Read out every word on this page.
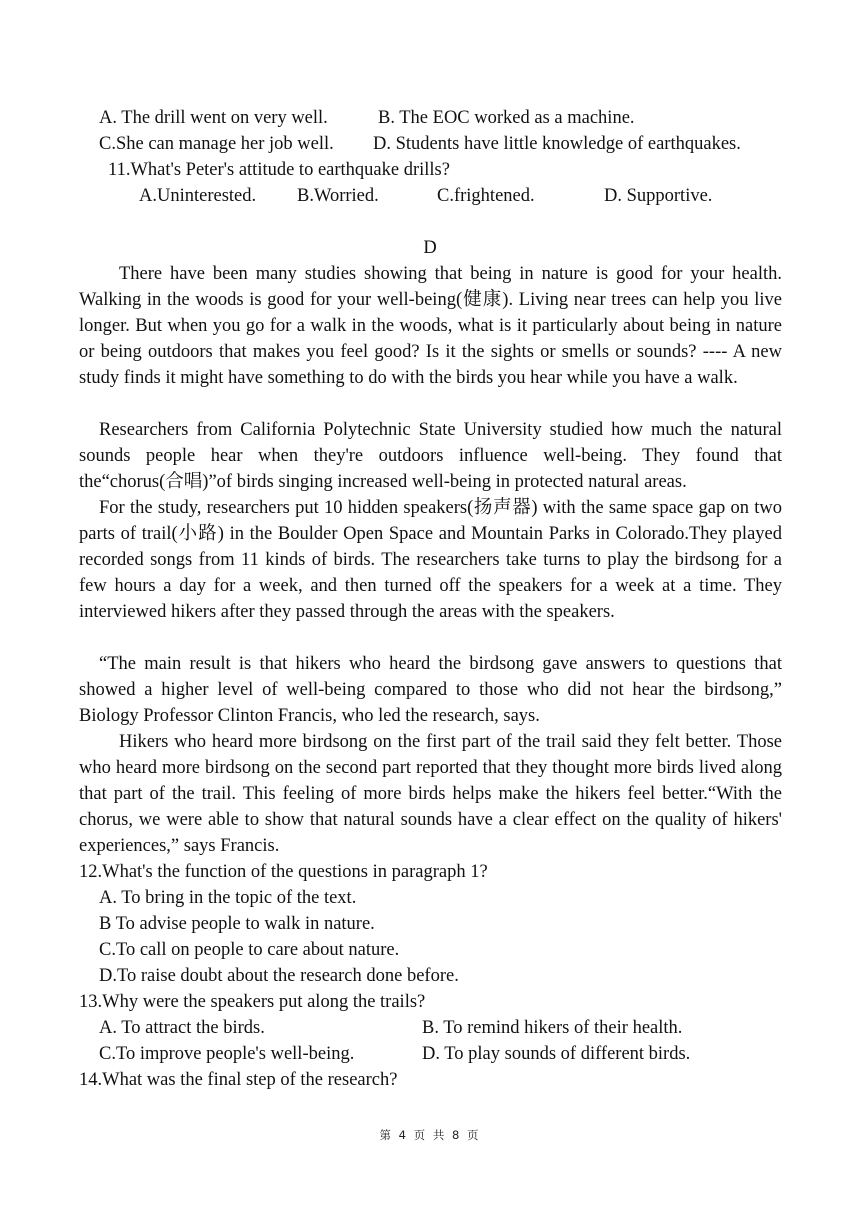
A. The drill went on very well.	B. The EOC worked as a machine.
C.She can manage her job well. D. Students have little knowledge of earthquakes.
11.What's Peter's attitude to earthquake drills?
A.Uninterested. B.Worried.	C.frightened.	D. Supportive.
D

There have been many studies showing that being in nature is good for your health. Walking in the woods is good for your well-being(健康). Living near trees can help you live longer. But when you go for a walk in the woods, what is it particularly about being in nature or being outdoors that makes you feel good? Is it the sights or smells or sounds? ---- A new study finds it might have something to do with the birds you hear while you have a walk.

Researchers from California Polytechnic State University studied how much the natural sounds people hear when they're outdoors influence well-being. They found that the“chorus(合唱)”of birds singing increased well-being in protected natural areas.

For the study, researchers put 10 hidden speakers(扬声器) with the same space gap on two parts of trail(小路) in the Boulder Open Space and Mountain Parks in Colorado.They played recorded songs from 11 kinds of birds. The researchers take turns to play the birdsong for a few hours a day for a week, and then turned off the speakers for a week at a time. They interviewed hikers after they passed through the areas with the speakers.

“The main result is that hikers who heard the birdsong gave answers to questions that showed a higher level of well-being compared to those who did not hear the birdsong,” Biology Professor Clinton Francis, who led the research, says.

Hikers who heard more birdsong on the first part of the trail said they felt better. Those who heard more birdsong on the second part reported that they thought more birds lived along that part of the trail. This feeling of more birds helps make the hikers feel better.“With the chorus, we were able to show that natural sounds have a clear effect on the quality of hikers' experiences,” says Francis.

12.What's the function of the questions in paragraph 1?
A. To bring in the topic of the text.
B To advise people to walk in nature.
C.To call on people to care about nature.
D.To raise doubt about the research done before.
13.Why were the speakers put along the trails?
A. To attract the birds.	B. To remind hikers of their health.
C.To improve people's well-being.	D. To play sounds of different birds.
14.What was the final step of the research?
第 4 页 共 8 页
